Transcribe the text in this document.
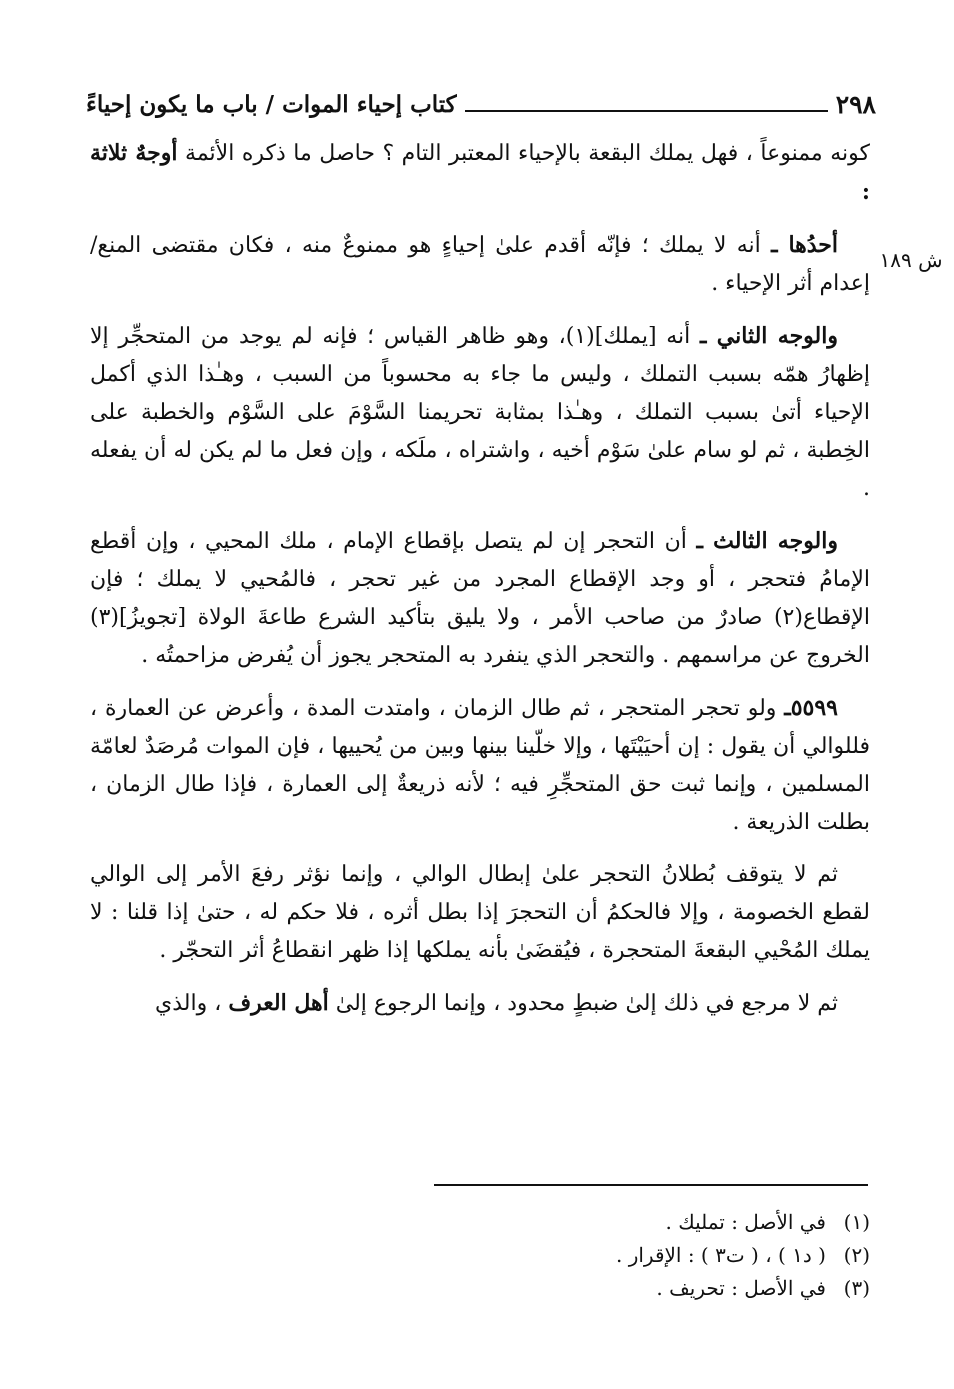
٢٩٨
كتاب إحياء الموات / باب ما يكون إحياءً
ش ١٨٩

كونه ممنوعاً ، فهل يملك البقعة بالإحياء المعتبر التام ؟ حاصل ما ذكره الأئمة أوجهٌ ثلاثة :

أحدُها ـ أنه لا يملك ؛ فإنّه أقدم علىٰ إحياءٍ هو ممنوعٌ منه ، فكان مقتضى المنع/ إعدام أثر الإحياء .

والوجه الثاني ـ أنه [يملك](١)، وهو ظاهر القياس ؛ فإنه لم يوجد من المتحجِّر إلا إظهارُ همّه بسبب التملك ، وليس ما جاء به محسوباً من السبب ، وهـٰذا الذي أكمل الإحياء أتىٰ بسبب التملك ، وهـٰذا بمثابة تحريمنا السَّوْمَ على السَّوْم والخطبة على الخِطبة ، ثم لو سام علىٰ سَوْم أخيه ، واشتراه ، ملَكه ، وإن فعل ما لم يكن له أن يفعله .

والوجه الثالث ـ أن التحجر إن لم يتصل بإقطاع الإمام ، ملك المحيي ، وإن أقطع الإمامُ فتحجر ، أو وجد الإقطاع المجرد من غير تحجر ، فالمُحيي لا يملك ؛ فإن الإقطاع(٢) صادرٌ من صاحب الأمر ، ولا يليق بتأكيد الشرع طاعةَ الولاة [تجويزُ](٣) الخروج عن مراسمهم . والتحجر الذي ينفرد به المتحجر يجوز أن يُفرض مزاحمتُه .

٥٥٩٩ـ ولو تحجر المتحجر ، ثم طال الزمان ، وامتدت المدة ، وأعرض عن العمارة ، فللوالي أن يقول : إن أحيَيْتَها ، وإلا خلّينا بينها وبين من يُحييها ، فإن الموات مُرصَدٌ لعامّة المسلمين ، وإنما ثبت حق المتحجِّرِ فيه ؛ لأنه ذريعةٌ إلى العمارة ، فإذا طال الزمان ، بطلت الذريعة .

ثم لا يتوقف بُطلانُ التحجر علىٰ إبطال الوالي ، وإنما نؤثر رفعَ الأمر إلى الوالي لقطع الخصومة ، وإلا فالحكمُ أن التحجرَ إذا بطل أثره ، فلا حكم له ، حتىٰ إذا قلنا : لا يملك المُحْيي البقعةَ المتحجرة ، فيُقضَىٰ بأنه يملكها إذا ظهر انقطاعُ أثر التحجّر .

ثم لا مرجع في ذلك إلىٰ ضبطٍ محدود ، وإنما الرجوع إلىٰ أهل العرف ، والذي

(١)في الأصل : تمليك .

(٢)( د١ ) ، ( ت٣ ) : الإقرار .

(٣)في الأصل : تحريف .
